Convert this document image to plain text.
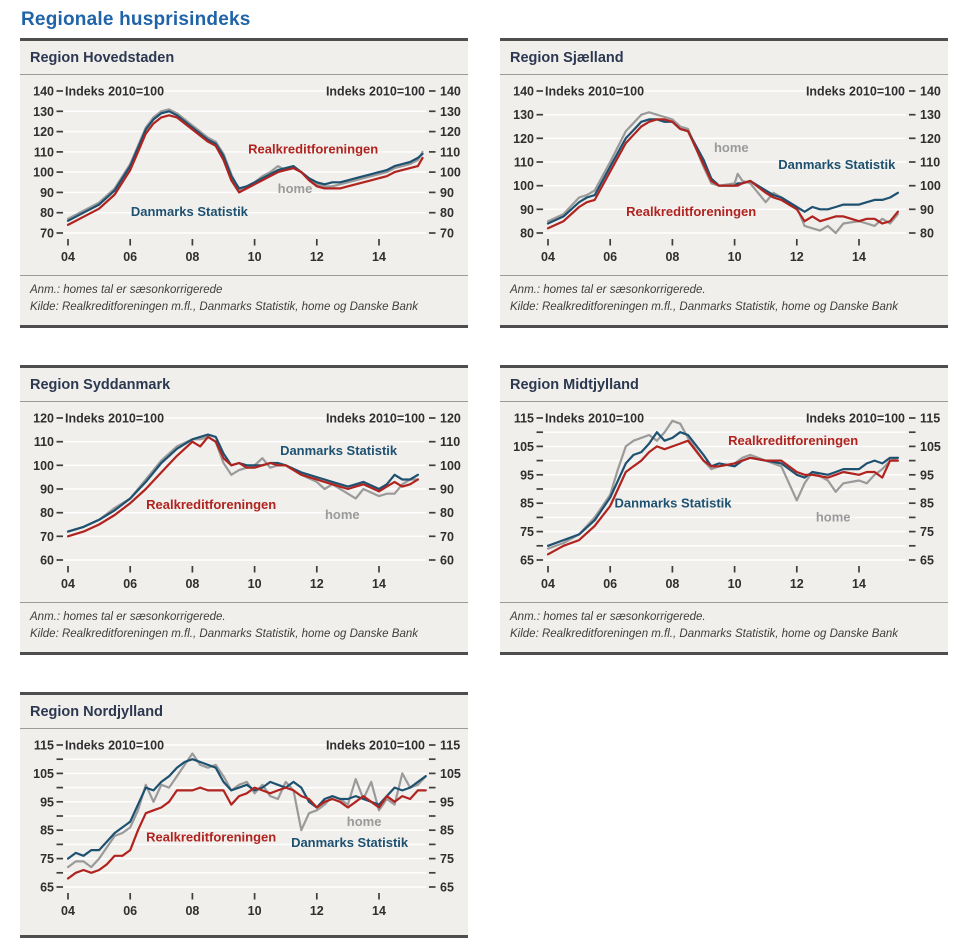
Regionale husprisindeks
Region Hovedstaden
70	70
80	80
90	90
100	100
110	110
120	120
130	130
140	140
Indeks 2010=100	Indeks 2010=100
04	06	08	10	12	14
home
Danmarks Statistik
Realkreditforeningen

Anm.: homes tal er sæsonkorrigerede

Kilde: Realkreditforeningen m.fl., Danmarks Statistik, home og Danske Bank

Region Sjælland
80	80
90	90
100	100
110	110
120	120
130	130
140	140
Indeks 2010=100	Indeks 2010=100
04	06	08	10	12	14
home
Danmarks Statistik
Realkreditforeningen

Anm.: homes tal er sæsonkorrigerede.

Kilde: Realkreditforeningen m.fl., Danmarks Statistik, home og Danske Bank

Region Syddanmark
60	60
70	70
80	80
90	90
100	100
110	110
120	120
Indeks 2010=100	Indeks 2010=100
04	06	08	10	12	14
home
Danmarks Statistik
Realkreditforeningen

Anm.: homes tal er sæsonkorrigerede.

Kilde: Realkreditforeningen m.fl., Danmarks Statistik, home og Danske Bank

Region Midtjylland
65	65
75	75
85	85
95	95
105	105
115	115
Indeks 2010=100	Indeks 2010=100
04	06	08	10	12	14
home
Danmarks Statistik
Realkreditforeningen

Anm.: homes tal er sæsonkorrigerede.

Kilde: Realkreditforeningen m.fl., Danmarks Statistik, home og Danske Bank

Region Nordjylland
65	65
75	75
85	85
95	95
105	105
115	115
Indeks 2010=100	Indeks 2010=100
04	06	08	10	12	14
home
Danmarks Statistik
Realkreditforeningen
